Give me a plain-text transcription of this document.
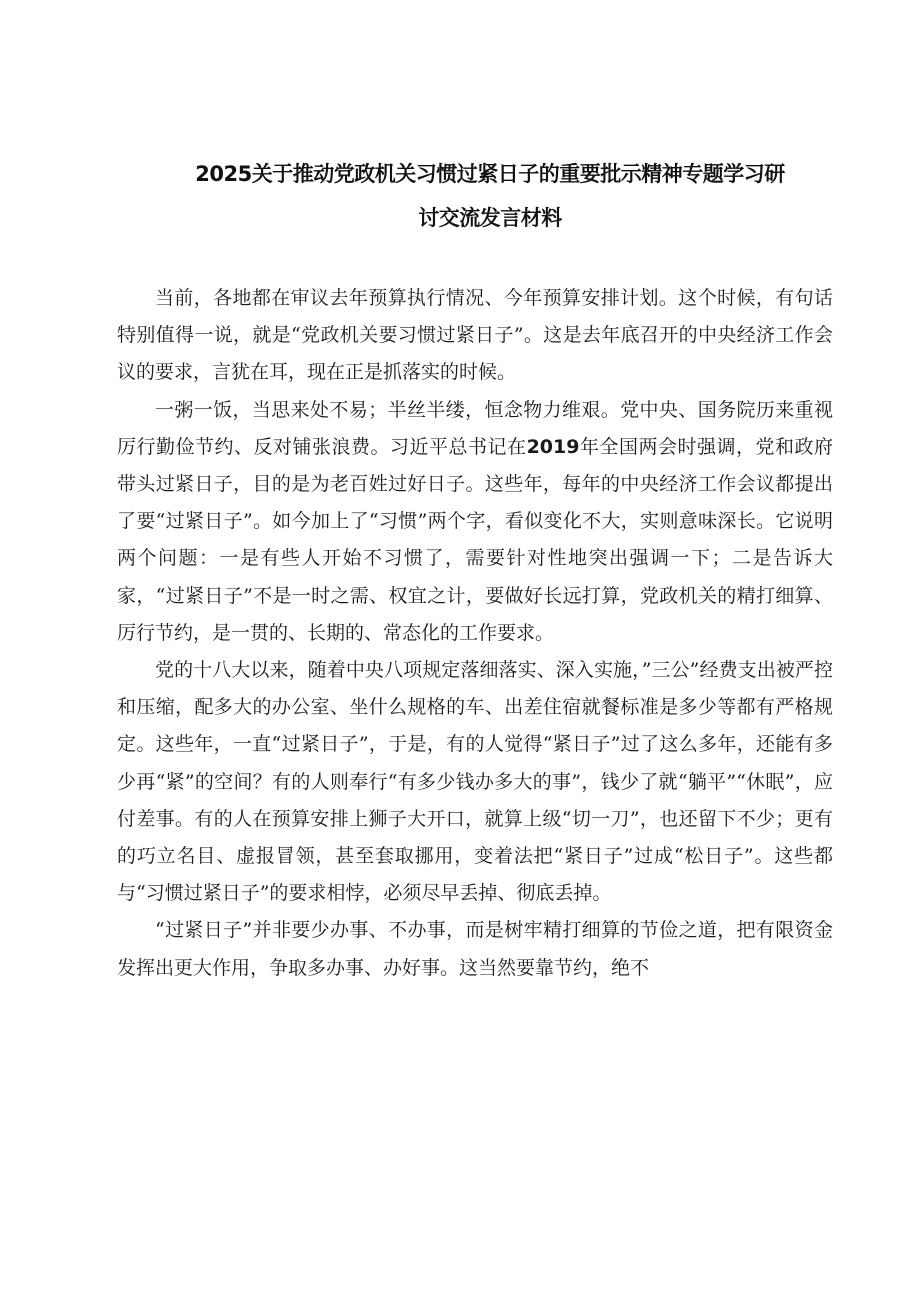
2025关于推动党政机关习惯过紧日子的重要批示精神专题学习研
讨交流发言材料

当前，各地都在审议去年预算执行情况、今年预算安排计划。这个时候，有句话特别值得一说，就是“党政机关要习惯过紧日子”。这是去年底召开的中央经济工作会议的要求，言犹在耳，现在正是抓落实的时候。

一粥一饭，当思来处不易；半丝半缕，恒念物力维艰。党中央、国务院历来重视厉行勤俭节约、反对铺张浪费。习近平总书记在2019年全国两会时强调，党和政府带头过紧日子，目的是为老百姓过好日子。这些年，每年的中央经济工作会议都提出了要“过紧日子”。如今加上了“习惯”两个字，看似变化不大，实则意味深长。它说明两个问题：一是有些人开始不习惯了，需要针对性地突出强调一下；二是告诉大家，“过紧日子”不是一时之需、权宜之计，要做好长远打算，党政机关的精打细算、厉行节约，是一贯的、长期的、常态化的工作要求。

党的十八大以来，随着中央八项规定落细落实、深入实施，”三公”经费支出被严控和压缩，配多大的办公室、坐什么规格的车、出差住宿就餐标准是多少等都有严格规定。这些年，一直“过紧日子”，于是，有的人觉得“紧日子”过了这么多年，还能有多少再“紧”的空间？有的人则奉行“有多少钱办多大的事”，钱少了就“躺平”“休眠”，应付差事。有的人在预算安排上狮子大开口，就算上级“切一刀”，也还留下不少；更有的巧立名目、虚报冒领，甚至套取挪用，变着法把“紧日子”过成“松日子”。这些都与“习惯过紧日子”的要求相悖，必须尽早丢掉、彻底丢掉。

“过紧日子”并非要少办事、不办事，而是树牢精打细算的节俭之道，把有限资金发挥出更大作用，争取多办事、办好事。这当然要靠节约，绝不
